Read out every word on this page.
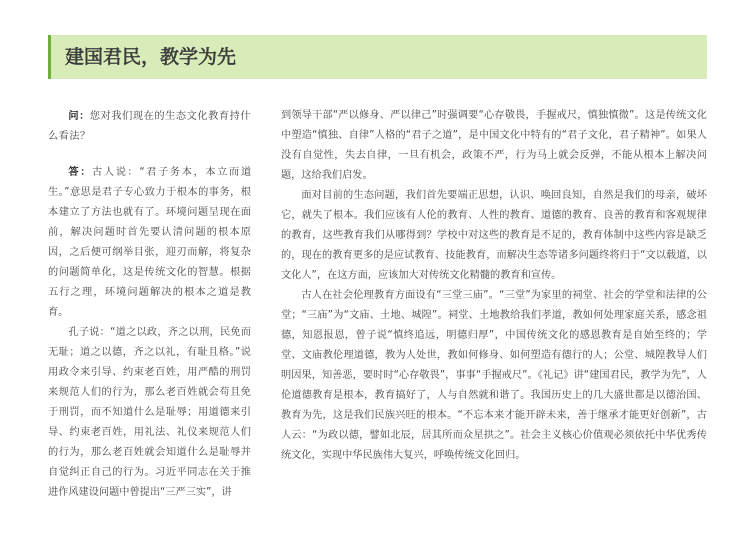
建国君民，教学为先

问：您对我们现在的生态文化教育持什么看法？

答：古人说：“君子务本，本立而道生。”意思是君子专心致力于根本的事务，根本建立了方法也就有了。环境问题呈现在面前，解决问题时首先要认清问题的根本原因，之后便可纲举目张，迎刃而解，将复杂的问题简单化，这是传统文化的智慧。根据五行之理，环境问题解决的根本之道是教育。

孔子说：“道之以政，齐之以刑，民免而无耻；道之以德，齐之以礼，有耻且格。”说用政令来引导、约束老百姓，用严酷的刑罚来规范人们的行为，那么老百姓就会苟且免于刑罚，而不知道什么是耻辱；用道德来引导、约束老百姓，用礼法、礼仪来规范人们的行为，那么老百姓就会知道什么是耻辱并自觉纠正自己的行为。习近平同志在关于推进作风建设问题中曾提出“三严三实”，讲

到领导干部“严以修身、严以律己”时强调要“心存敬畏，手握戒尺，慎独慎微”。这是传统文化中塑造“慎独、自律”人格的“君子之道”，是中国文化中特有的“君子文化，君子精神”。如果人没有自觉性，失去自律，一旦有机会，政策不严，行为马上就会反弹，不能从根本上解决问题，这给我们启发。

面对目前的生态问题，我们首先要端正思想，认识、唤回良知，自然是我们的母亲，破坏它，就失了根本。我们应该有人伦的教育、人性的教育、道德的教育、良善的教育和客观规律的教育，这些教育我们从哪得到？学校中对这些的教育是不足的，教育体制中这些内容是缺乏的，现在的教育更多的是应试教育、技能教育，而解决生态等诸多问题终将归于“文以载道，以文化人”，在这方面，应该加大对传统文化精髓的教育和宣传。

古人在社会伦理教育方面设有“三堂三庙”。“三堂”为家里的祠堂、社会的学堂和法律的公堂；“三庙”为“文庙、土地、城隍”。祠堂、土地教给我们孝道，教如何处理家庭关系，感念祖德，知恩报恩，曾子说“慎终追远，明德归厚”，中国传统文化的感恩教育是自始至终的；学堂、文庙教伦理道德，教为人处世，教如何修身、如何塑造有德行的人；公堂、城隍教导人们明因果，知善恶，要时时“心存敬畏”，事事“手握戒尺”。《礼记》讲“建国君民，教学为先”，人伦道德教育是根本，教育搞好了，人与自然就和谐了。我国历史上的几大盛世都是以德治国、教育为先，这是我们民族兴旺的根本。“不忘本来才能开辟未来，善于继承才能更好创新”，古人云：“为政以德，譬如北辰，居其所而众星拱之”。社会主义核心价值观必须依托中华优秀传统文化，实现中华民族伟大复兴，呼唤传统文化回归。
